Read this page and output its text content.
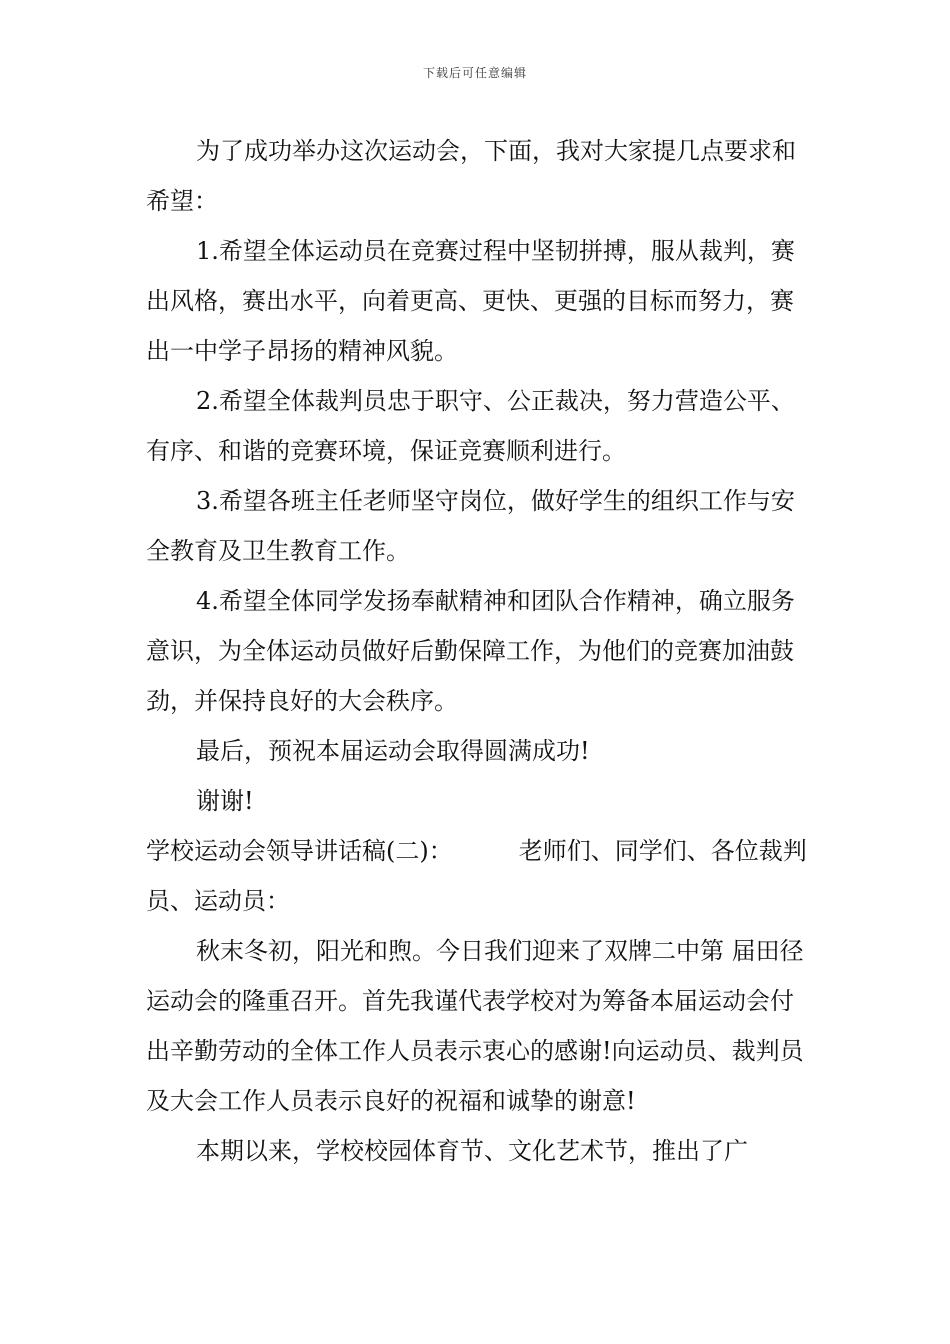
下载后可任意编辑

为了成功举办这次运动会，下面，我对大家提几点要求和希望：

1.希望全体运动员在竞赛过程中坚韧拼搏，服从裁判，赛出风格，赛出水平，向着更高、更快、更强的目标而努力，赛出一中学子昂扬的精神风貌。

2.希望全体裁判员忠于职守、公正裁决，努力营造公平、有序、和谐的竞赛环境，保证竞赛顺利进行。

3.希望各班主任老师坚守岗位，做好学生的组织工作与安全教育及卫生教育工作。

4.希望全体同学发扬奉献精神和团队合作精神，确立服务意识，为全体运动员做好后勤保障工作，为他们的竞赛加油鼓劲，并保持良好的大会秩序。

最后，预祝本届运动会取得圆满成功!

谢谢!

学校运动会领导讲话稿(二)：	老师们、同学们、各位裁判员、运动员：

秋末冬初，阳光和煦。今日我们迎来了双牌二中第 届田径运动会的隆重召开。首先我谨代表学校对为筹备本届运动会付出辛勤劳动的全体工作人员表示衷心的感谢!向运动员、裁判员及大会工作人员表示良好的祝福和诚挚的谢意!

本期以来，学校校园体育节、文化艺术节，推出了广
